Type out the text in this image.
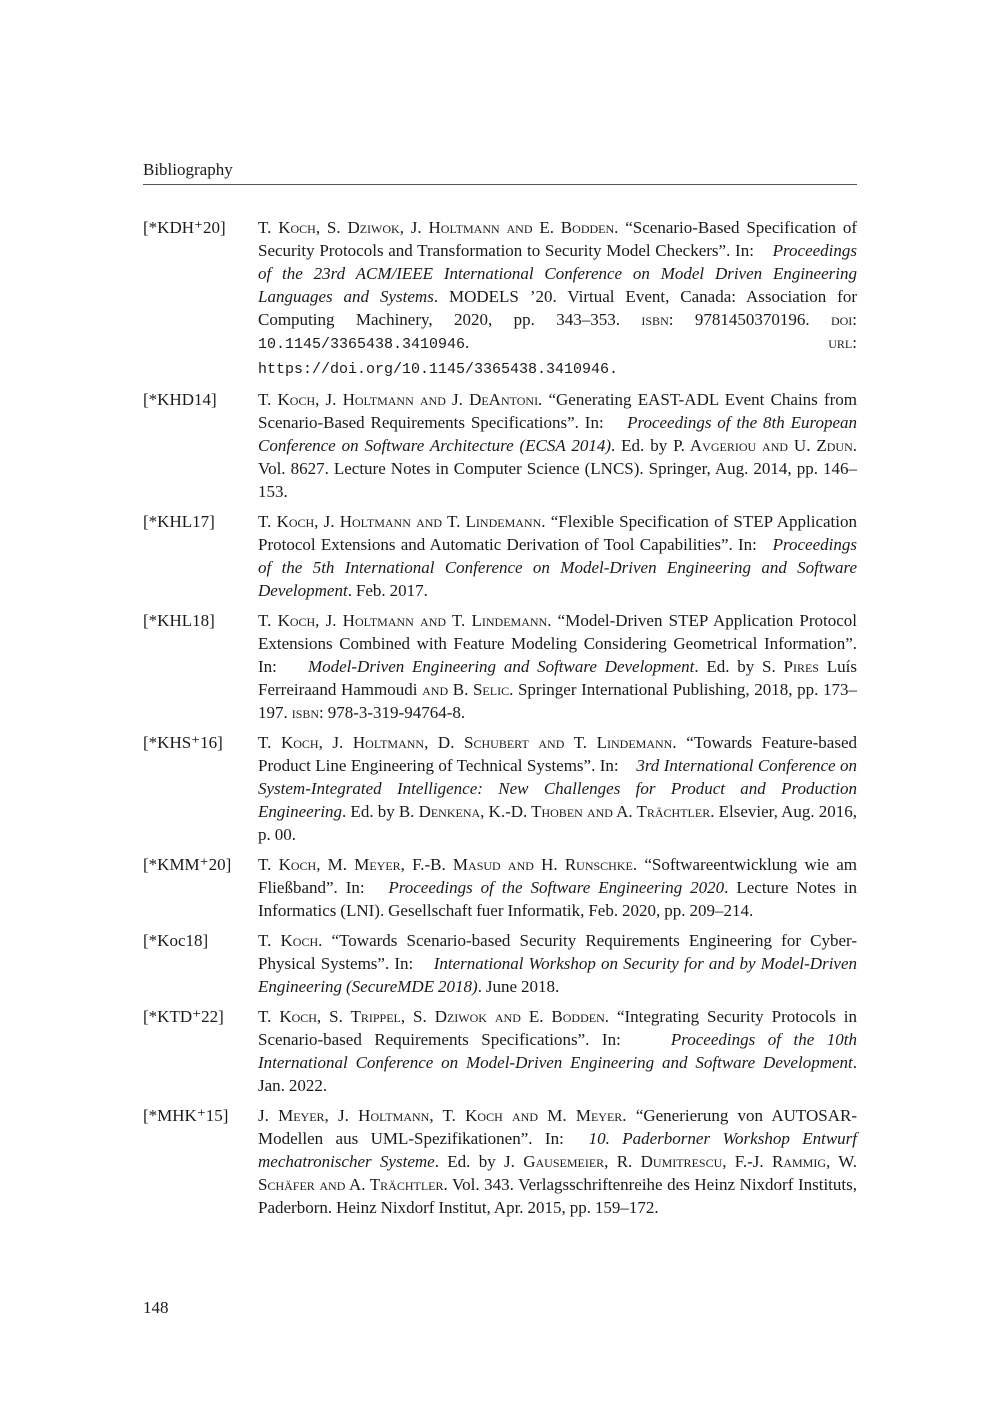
Bibliography
[*KDH⁺20] T. Koch, S. Dziwok, J. Holtmann and E. Bodden. “Scenario-Based Specification of Security Protocols and Transformation to Security Model Checkers”. In: Proceedings of the 23rd ACM/IEEE International Conference on Model Driven Engineering Languages and Systems. MODELS ’20. Virtual Event, Canada: Association for Computing Machinery, 2020, pp. 343–353. isbn: 9781450370196. doi: 10.1145/3365438.3410946. url: https://doi.org/10.1145/3365438.3410946.
[*KHD14] T. Koch, J. Holtmann and J. DeAntoni. “Generating EAST-ADL Event Chains from Scenario-Based Requirements Specifications”. In: Proceedings of the 8th European Conference on Software Architecture (ECSA 2014). Ed. by P. Avgeriou and U. Zdun. Vol. 8627. Lecture Notes in Computer Science (LNCS). Springer, Aug. 2014, pp. 146–153.
[*KHL17]	T. Koch, J. Holtmann and T. Lindemann. “Flexible Specification of STEP Application Protocol Extensions and Automatic Derivation of Tool Capabilities”. In: Proceedings of the 5th International Conference on Model-Driven Engineering and Software Development. Feb. 2017.
[*KHL18]	T. Koch, J. Holtmann and T. Lindemann. “Model-Driven STEP Application Protocol Extensions Combined with Feature Modeling Considering Geometrical Information”. In: Model-Driven Engineering and Software Development. Ed. by S. Pires Luís Ferreiraand Hammoudi and B. Selic. Springer International Publishing, 2018, pp. 173–197. isbn: 978-3-319-94764-8.
[*KHS⁺16] T. Koch, J. Holtmann, D. Schubert and T. Lindemann. “Towards Feature-based Product Line Engineering of Technical Systems”. In: 3rd International Conference on System-Integrated Intelligence: New Challenges for Product and Production Engineering. Ed. by B. Denkena, K.-D. Thoben and A. Trächtler. Elsevier, Aug. 2016, p. 00.
[*KMM⁺20] T. Koch, M. Meyer, F.-B. Masud and H. Runschke. “Softwareentwicklung wie am Fließband”. In: Proceedings of the Software Engineering 2020. Lecture Notes in Informatics (LNI). Gesellschaft fuer Informatik, Feb. 2020, pp. 209–214.
[*Koc18]	T. Koch. “Towards Scenario-based Security Requirements Engineering for Cyber-Physical Systems”. In: International Workshop on Security for and by Model-Driven Engineering (SecureMDE 2018). June 2018.
[*KTD⁺22] T. Koch, S. Trippel, S. Dziwok and E. Bodden. “Integrating Security Protocols in Scenario-based Requirements Specifications”. In:	Proceedings of the 10th International Conference on Model-Driven Engineering and Software Development. Jan. 2022.
[*MHK⁺15] J. Meyer, J. Holtmann, T. Koch and M. Meyer. “Generierung von AUTOSAR-Modellen aus UML-Spezifikationen”. In: 10. Paderborner Workshop Entwurf mechatronischer Systeme. Ed. by J. Gausemeier, R. Dumitrescu, F.-J. Rammig, W. Schäfer and A. Trächtler. Vol. 343. Verlagsschriftenreihe des Heinz Nixdorf Instituts, Paderborn. Heinz Nixdorf Institut, Apr. 2015, pp. 159–172.
148
